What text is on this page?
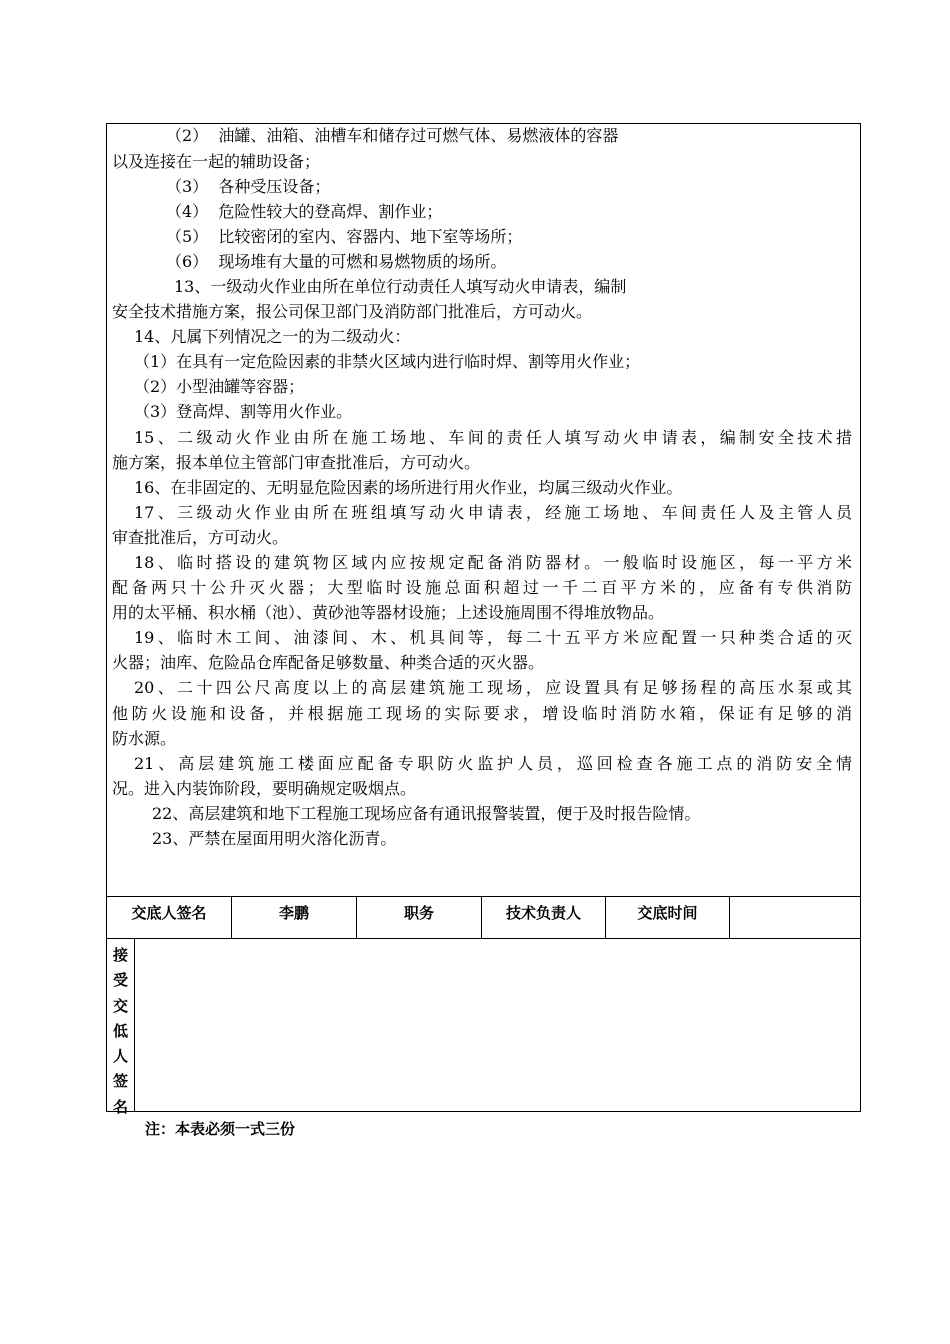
（2）  油罐、油箱、油槽车和储存过可燃气体、易燃液体的容器
以及连接在一起的辅助设备；
（3）  各种受压设备；
（4）  危险性较大的登高焊、割作业；
（5）  比较密闭的室内、容器内、地下室等场所；
（6）  现场堆有大量的可燃和易燃物质的场所。
13、一级动火作业由所在单位行动责任人填写动火申请表，编制
安全技术措施方案，报公司保卫部门及消防部门批准后，方可动火。
14、凡属下列情况之一的为二级动火：
（1）在具有一定危险因素的非禁火区域内进行临时焊、割等用火作业；
（2）小型油罐等容器；
（3）登高焊、割等用火作业。
15、二级动火作业由所在施工场地、车间的责任人填写动火申请表，编制安全技术措
施方案，报本单位主管部门审查批准后，方可动火。
16、在非固定的、无明显危险因素的场所进行用火作业，均属三级动火作业。
17、三级动火作业由所在班组填写动火申请表，经施工场地、车间责任人及主管人员
审查批准后，方可动火。
18、临时搭设的建筑物区域内应按规定配备消防器材。一般临时设施区，每一平方米
配备两只十公升灭火器；大型临时设施总面积超过一千二百平方米的，应备有专供消防
用的太平桶、积水桶（池）、黄砂池等器材设施；上述设施周围不得堆放物品。
19、临时木工间、油漆间、木、机具间等，每二十五平方米应配置一只种类合适的灭
火器；油库、危险品仓库配备足够数量、种类合适的灭火器。
20、二十四公尺高度以上的高层建筑施工现场，应设置具有足够扬程的高压水泵或其
他防火设施和设备，并根据施工现场的实际要求，增设临时消防水箱，保证有足够的消
防水源。
21、高层建筑施工楼面应配备专职防火监护人员，巡回检查各施工点的消防安全情
况。进入内装饰阶段，要明确规定吸烟点。
22、高层建筑和地下工程施工现场应备有通讯报警装置，便于及时报告险情。
23、严禁在屋面用明火溶化沥青。
交底人签名	李鹏	职务	技术负责人	交底时间
接受交低人签名
注：本表必须一式三份
